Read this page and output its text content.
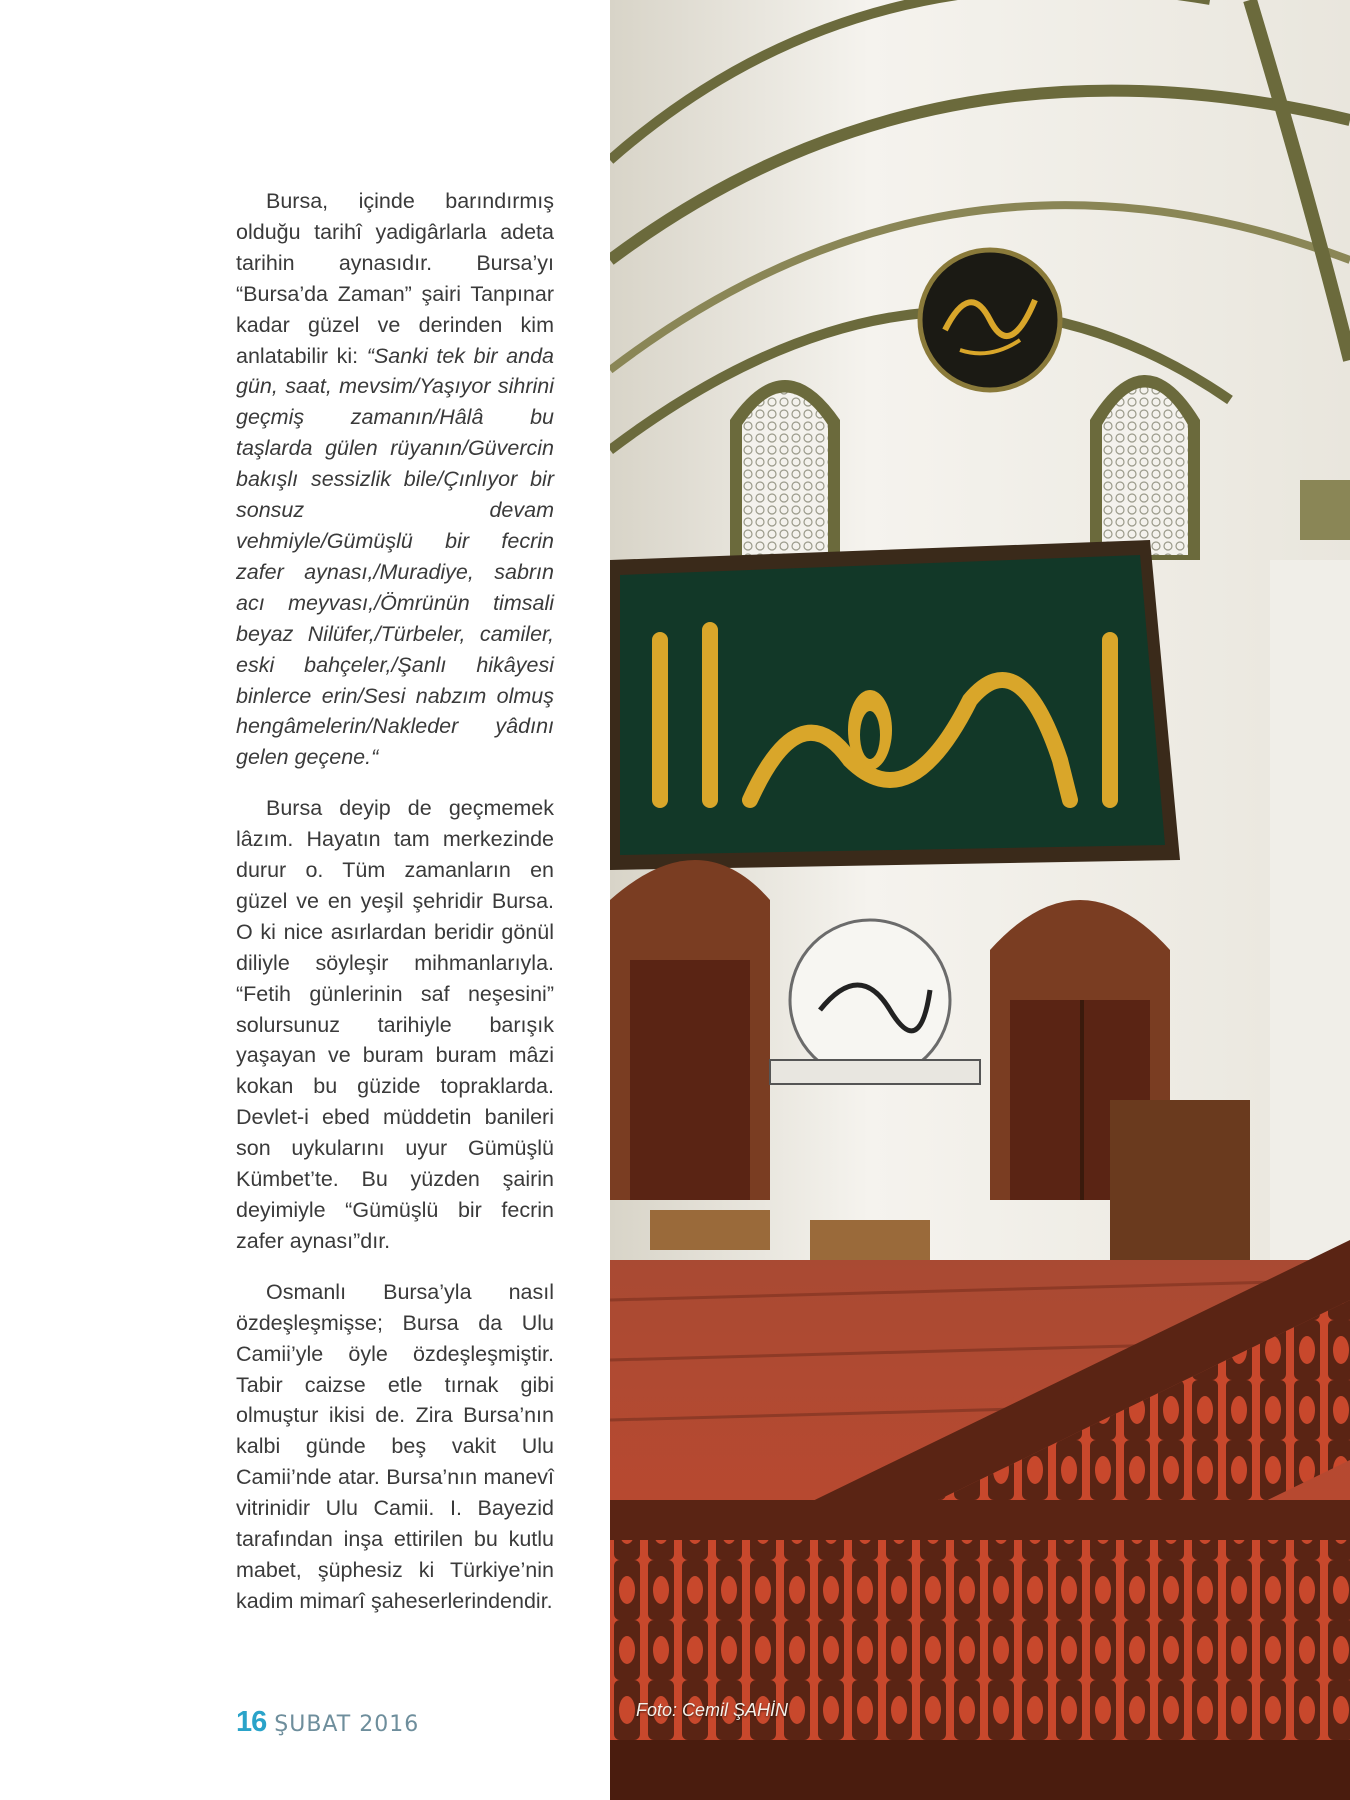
Bursa, içinde barındırmış olduğu tarihî yadigârlarla adeta tarihin aynasıdır. Bursa’yı “Bursa’da Zaman” şairi Tanpınar kadar güzel ve derinden kim anlatabilir ki: “Sanki tek bir anda gün, saat, mevsim/Yaşıyor sihrini geçmiş zamanın/Hâlâ bu taşlarda gülen rüyanın/Güvercin bakışlı sessizlik bile/Çınlıyor bir sonsuz devam vehmiyle/Gümüşlü bir fecrin zafer aynası,/Muradiye, sabrın acı meyvası,/Ömrünün timsali beyaz Nilüfer,/Türbeler, camiler, eski bahçeler,/Şanlı hikâyesi binlerce erin/Sesi nabzım olmuş hengâmelerin/Nakleder yâdını gelen geçene.“

Bursa deyip de geçmemek lâzım. Hayatın tam merkezinde durur o. Tüm zamanların en güzel ve en yeşil şehridir Bursa. O ki nice asırlardan beridir gönül diliyle söyleşir mihmanlarıyla. “Fetih günlerinin saf neşesini” solursunuz tarihiyle barışık yaşayan ve buram buram mâzi kokan bu güzide topraklarda. Devlet-i ebed müddetin banileri son uykularını uyur Gümüşlü Kümbet’te. Bu yüzden şairin deyimiyle “Gümüşlü bir fecrin zafer aynası”dır.

Osmanlı Bursa’yla nasıl özdeşleşmişse; Bursa da Ulu Camii’yle öyle özdeşleşmiştir. Tabir caizse etle tırnak gibi olmuştur ikisi de. Zira Bursa’nın kalbi günde beş vakit Ulu Camii’nde atar. Bursa’nın manevî vitrinidir Ulu Camii. I. Bayezid tarafından inşa ettirilen bu kutlu mabet, şüphesiz ki Türkiye’nin kadim mimarî şaheserlerindendir.

16 ŞUBAT 2016
Foto: Cemil ŞAHİN
